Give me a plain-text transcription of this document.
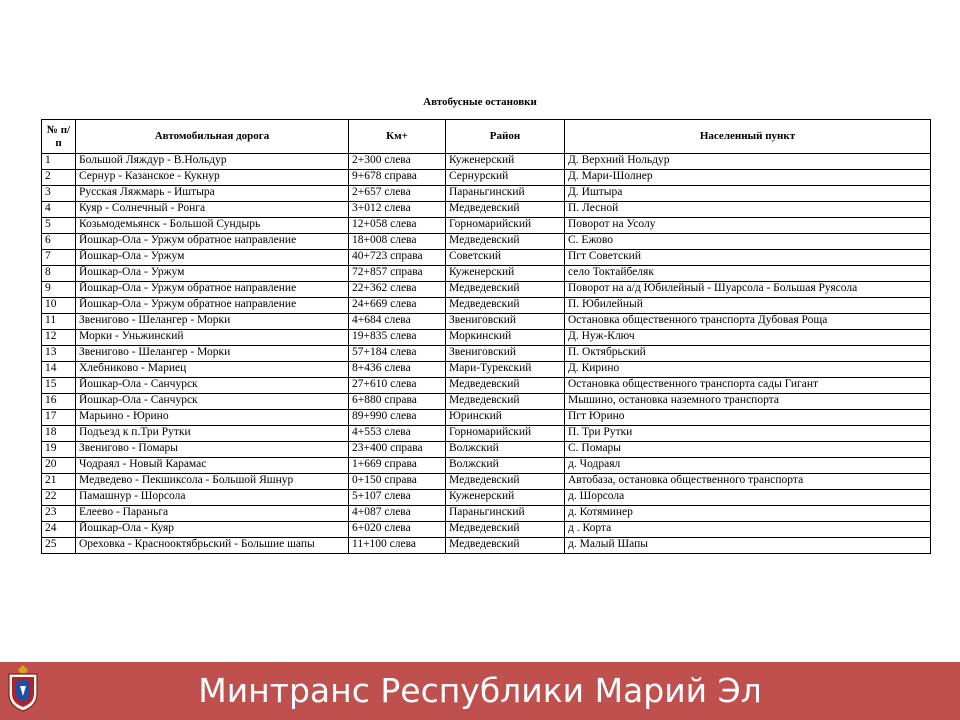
Автобусные остановки
№ п/п	Автомобильная дорога	Км+	Район	Населенный пункт
1	Большой Ляждур - В.Нольдур	2+300 слева	Куженерский	Д. Верхний Нольдур
2	Сернур - Казанское - Кукнур	9+678 справа	Сернурский	Д. Мари-Шолнер
3	Русская Ляжмарь - Иштыра	2+657 слева	Параньгинский	Д. Иштыра
4	Куяр - Солнечный - Ронга	3+012 слева	Медведевский	П. Лесной
5	Козьмодемьянск - Большой Сундырь	12+058 слева	Горномарийский	Поворот на Усолу
6	Йошкар-Ола - Уржум обратное направление	18+008 слева	Медведевский	С. Ежово
7	Йошкар-Ола - Уржум	40+723 справа	Советский	Пгт Советский
8	Йошкар-Ола - Уржум	72+857 справа	Куженерский	село Токтайбеляк
9	Йошкар-Ола - Уржум обратное направление	22+362 слева	Медведевский	Поворот на а/д Юбилейный - Шуарсола - Большая Руясола
10	Йошкар-Ола - Уржум обратное направление	24+669 слева	Медведевский	П. Юбилейный
11	Звенигово - Шелангер - Морки	4+684 слева	Звениговский	Остановка общественного транспорта Дубовая Роща
12	Морки - Уньжинский	19+835 слева	Моркинский	Д. Нуж-Ключ
13	Звенигово - Шелангер - Морки	57+184 слева	Звениговский	П. Октябрьский
14	Хлебниково - Мариец	8+436 слева	Мари-Турекский	Д. Кирино
15	Йошкар-Ола - Санчурск	27+610 слева	Медведевский	Остановка общественного транспорта сады Гигант
16	Йошкар-Ола - Санчурск	6+880 справа	Медведевский	Мышино, остановка наземного транспорта
17	Марьино - Юрино	89+990 слева	Юринский	Пгт Юрино
18	Подъезд к п.Три Рутки	4+553 слева	Горномарийский	П. Три Рутки
19	Звенигово - Помары	23+400 справа	Волжский	С. Помары
20	Чодраял - Новый Карамас	1+669 справа	Волжский	д. Чодраял
21	Медведево - Пекшиксола - Большой Яшнур	0+150 справа	Медведевский	Автобаза, остановка общественного транспорта
22	Памашнур - Шорсола	5+107 слева	Куженерский	д. Шорсола
23	Елеево - Параньга	4+087 слева	Параньгинский	д. Котяминер
24	Йошкар-Ола - Куяр	6+020 слева	Медведевский	д . Корта
25	Ореховка - Краснооктябрьский - Большие шапы	11+100 слева	Медведевский	д. Малый Шапы
Минтранс Республики Марий Эл
